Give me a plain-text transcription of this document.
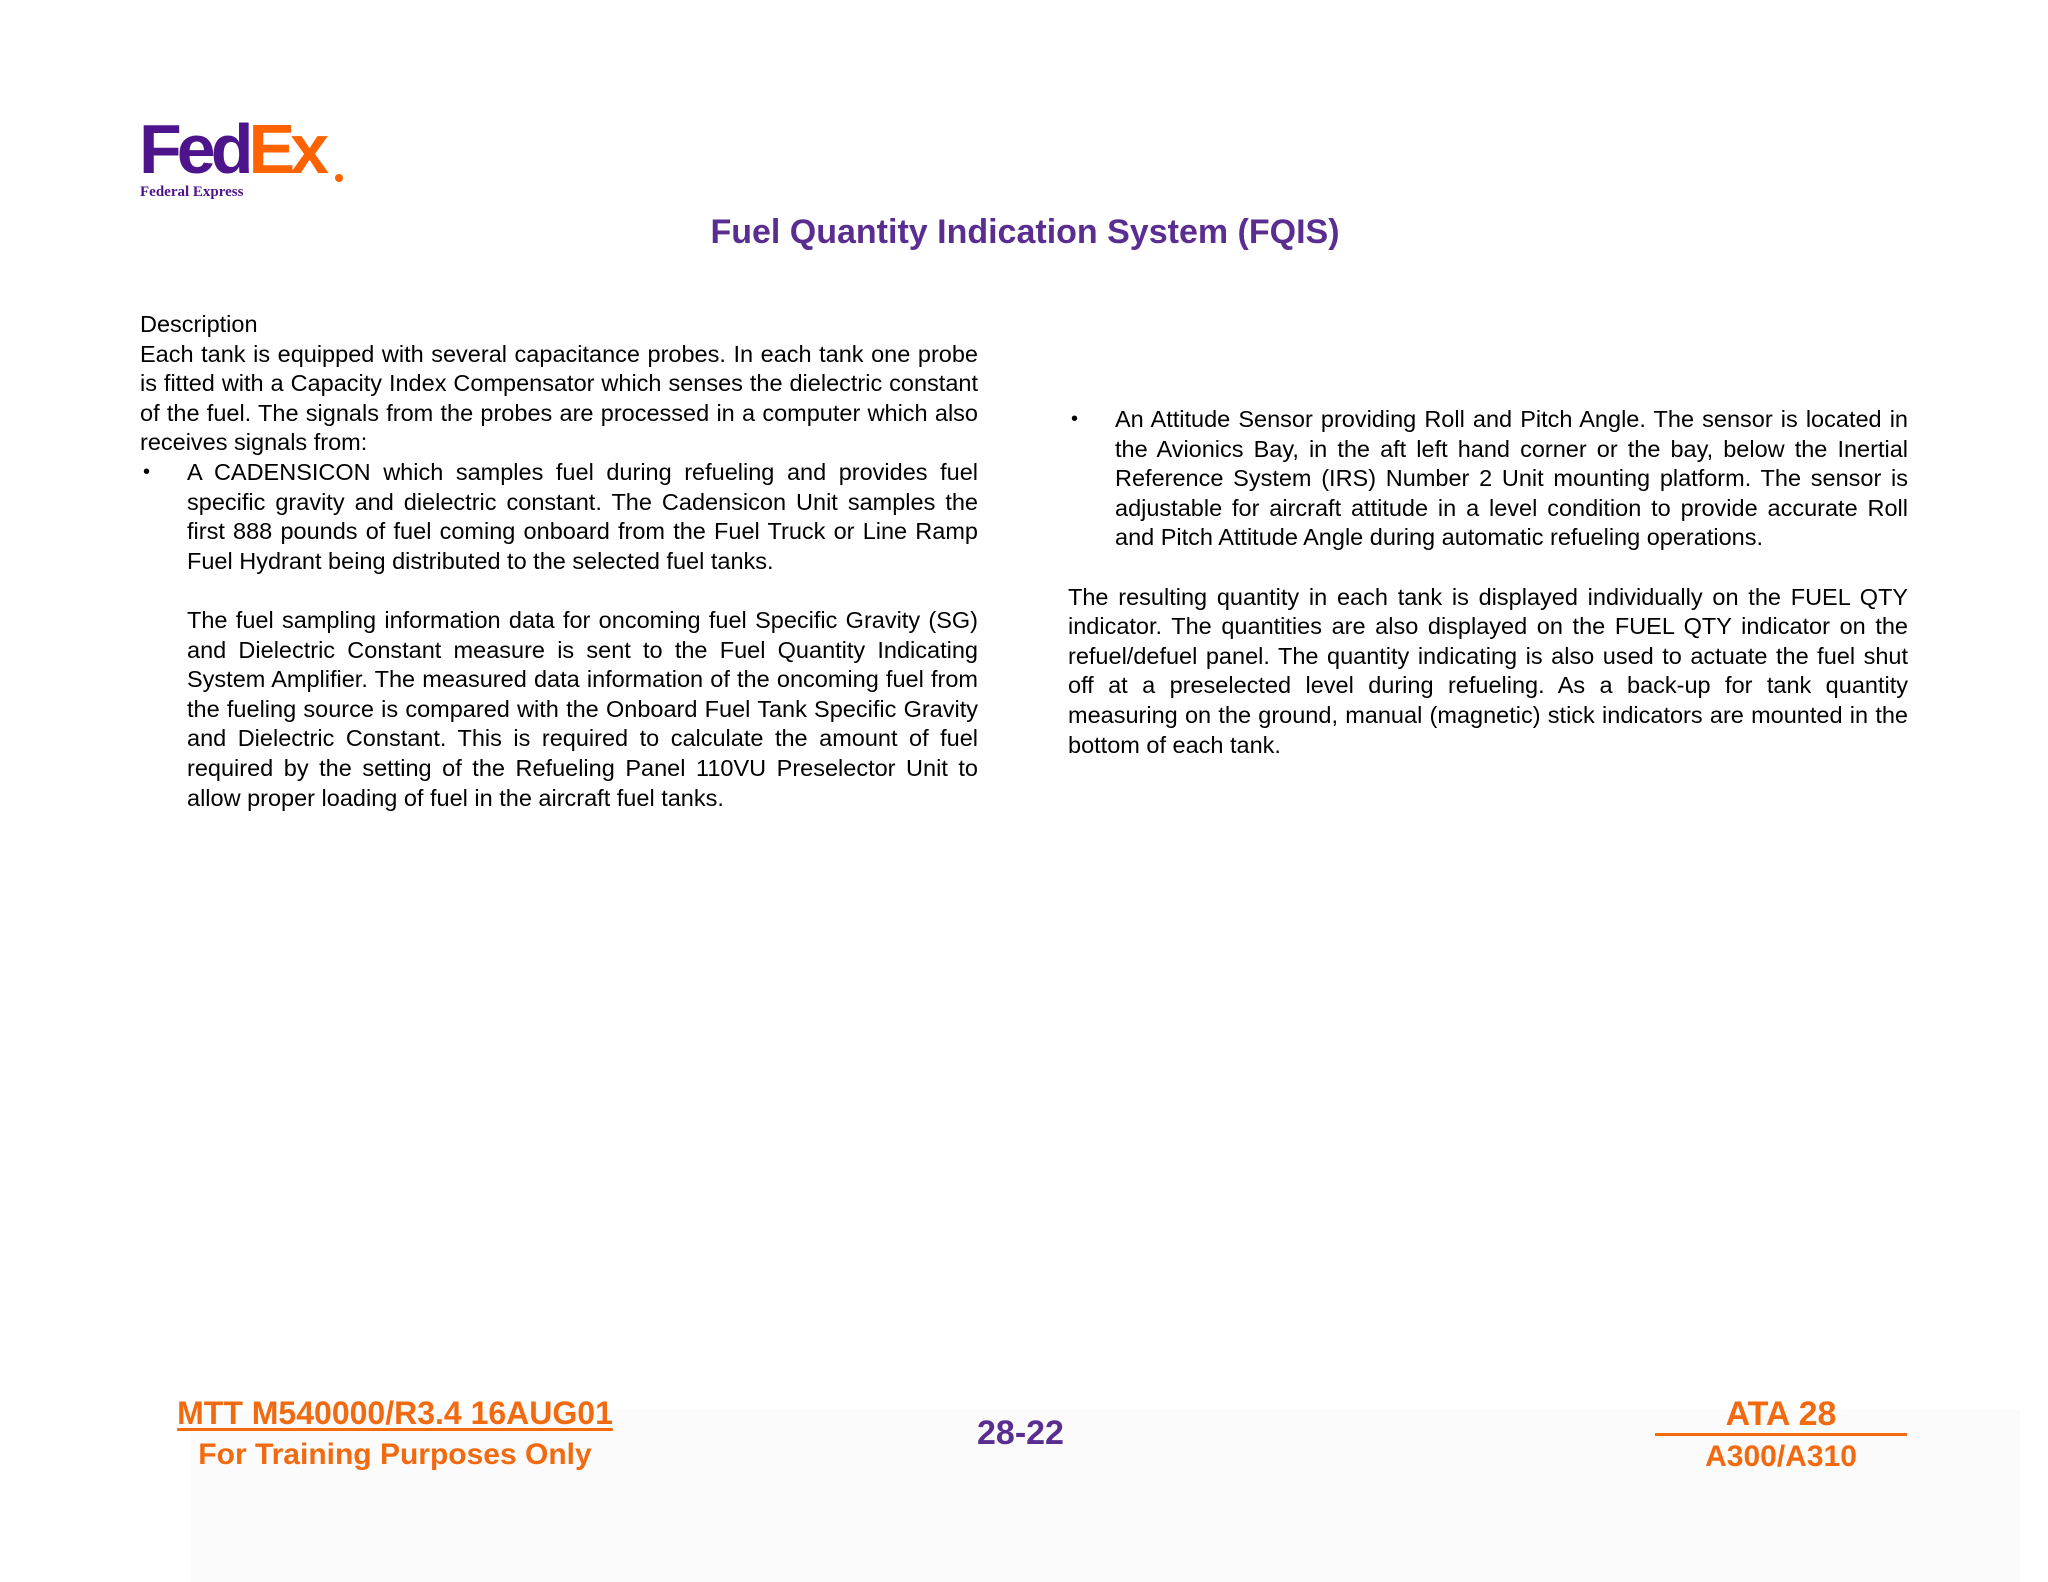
FedEx
Federal Express
Fuel Quantity Indication System (FQIS)

Description

Each tank is equipped with several capacitance probes. In each tank one probe is fitted with a Capacity Index Compensator which senses the dielectric constant of the fuel. The signals from the probes are processed in a computer which also receives signals from:

• A CADENSICON which samples fuel during refueling and provides fuel specific gravity and dielectric constant. The Cadensicon Unit samples the first 888 pounds of fuel coming onboard from the Fuel Truck or Line Ramp Fuel Hydrant being distributed to the selected fuel tanks.

The fuel sampling information data for oncoming fuel Specific Gravity (SG) and Dielectric Constant measure is sent to the Fuel Quantity Indicating System Amplifier. The measured data information of the oncoming fuel from the fueling source is compared with the Onboard Fuel Tank Specific Gravity and Dielectric Constant. This is required to calculate the amount of fuel required by the setting of the Refueling Panel 110VU Preselector Unit to allow proper loading of fuel in the aircraft fuel tanks.

• An Attitude Sensor providing Roll and Pitch Angle. The sensor is located in the Avionics Bay, in the aft left hand corner or the bay, below the Inertial Reference System (IRS) Number 2 Unit mounting platform. The sensor is adjustable for aircraft attitude in a level condition to provide accurate Roll and Pitch Attitude Angle during automatic refueling operations.

The resulting quantity in each tank is displayed individually on the FUEL QTY indicator. The quantities are also displayed on the FUEL QTY indicator on the refuel/defuel panel. The quantity indicating is also used to actuate the fuel shut off at a preselected level during refueling. As a back-up for tank quantity measuring on the ground, manual (magnetic) stick indicators are mounted in the bottom of each tank.

MTT M540000/R3.4 16AUG01
For Training Purposes Only
28-22	ATA 28
A300/A310
